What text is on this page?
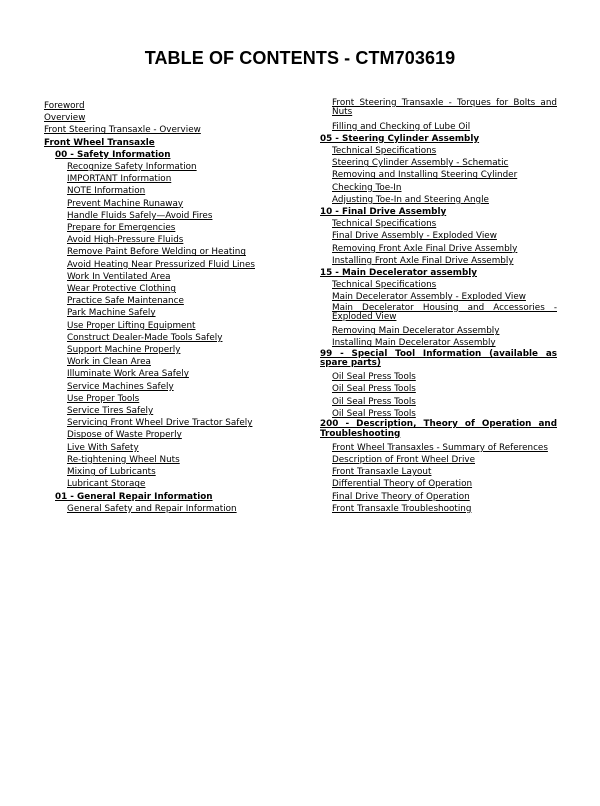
TABLE OF CONTENTS - CTM703619
Foreword
Overview
Front Steering Transaxle - Overview
Front Wheel Transaxle
00 - Safety Information
Recognize Safety Information
IMPORTANT Information
NOTE Information
Prevent Machine Runaway
Handle Fluids Safely—Avoid Fires
Prepare for Emergencies
Avoid High-Pressure Fluids
Remove Paint Before Welding or Heating
Avoid Heating Near Pressurized Fluid Lines
Work In Ventilated Area
Wear Protective Clothing
Practice Safe Maintenance
Park Machine Safely
Use Proper Lifting Equipment
Construct Dealer-Made Tools Safely
Support Machine Properly
Work in Clean Area
Illuminate Work Area Safely
Service Machines Safely
Use Proper Tools
Service Tires Safely
Servicing Front Wheel Drive Tractor Safely
Dispose of Waste Properly
Live With Safety
Re-tightening Wheel Nuts
Mixing of Lubricants
Lubricant Storage
01 - General Repair Information
General Safety and Repair Information
Front Steering Transaxle - Torques for Bolts and Nuts
Filling and Checking of Lube Oil
05 - Steering Cylinder Assembly
Technical Specifications
Steering Cylinder Assembly - Schematic
Removing and Installing Steering Cylinder
Checking Toe-In
Adjusting Toe-In and Steering Angle
10 - Final Drive Assembly
Technical Specifications
Final Drive Assembly - Exploded View
Removing Front Axle Final Drive Assembly
Installing Front Axle Final Drive Assembly
15 - Main Decelerator assembly
Technical Specifications
Main Decelerator Assembly - Exploded View
Main Decelerator Housing and Accessories - Exploded View
Removing Main Decelerator Assembly
Installing Main Decelerator Assembly
99 - Special Tool Information (available as spare parts)
Oil Seal Press Tools
Oil Seal Press Tools
Oil Seal Press Tools
Oil Seal Press Tools
200 - Description, Theory of Operation and Troubleshooting
Front Wheel Transaxles - Summary of References
Description of Front Wheel Drive
Front Transaxle Layout
Differential Theory of Operation
Final Drive Theory of Operation
Front Transaxle Troubleshooting
